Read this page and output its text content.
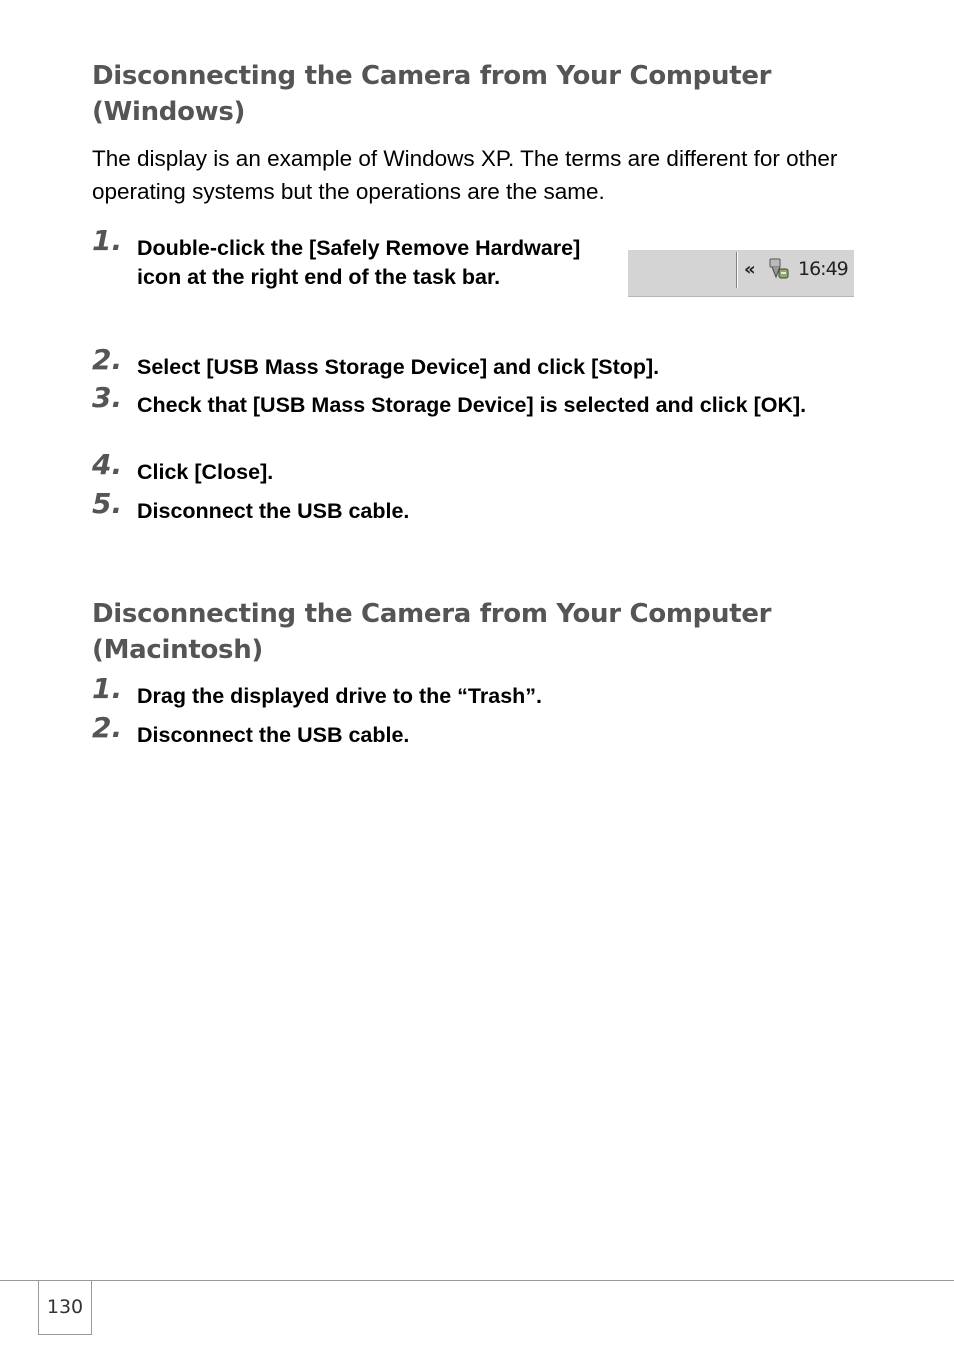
Disconnecting the Camera from Your Computer (Windows)
The display is an example of Windows XP. The terms are different for other operating systems but the operations are the same.
1. Double-click the [Safely Remove Hardware] icon at the right end of the task bar.	« 16:49
2. Select [USB Mass Storage Device] and click [Stop].
3. Check that [USB Mass Storage Device] is selected and click [OK].
4. Click [Close].
5. Disconnect the USB cable.
Disconnecting the Camera from Your Computer (Macintosh)
1. Drag the displayed drive to the “Trash”.
2. Disconnect the USB cable.
130
